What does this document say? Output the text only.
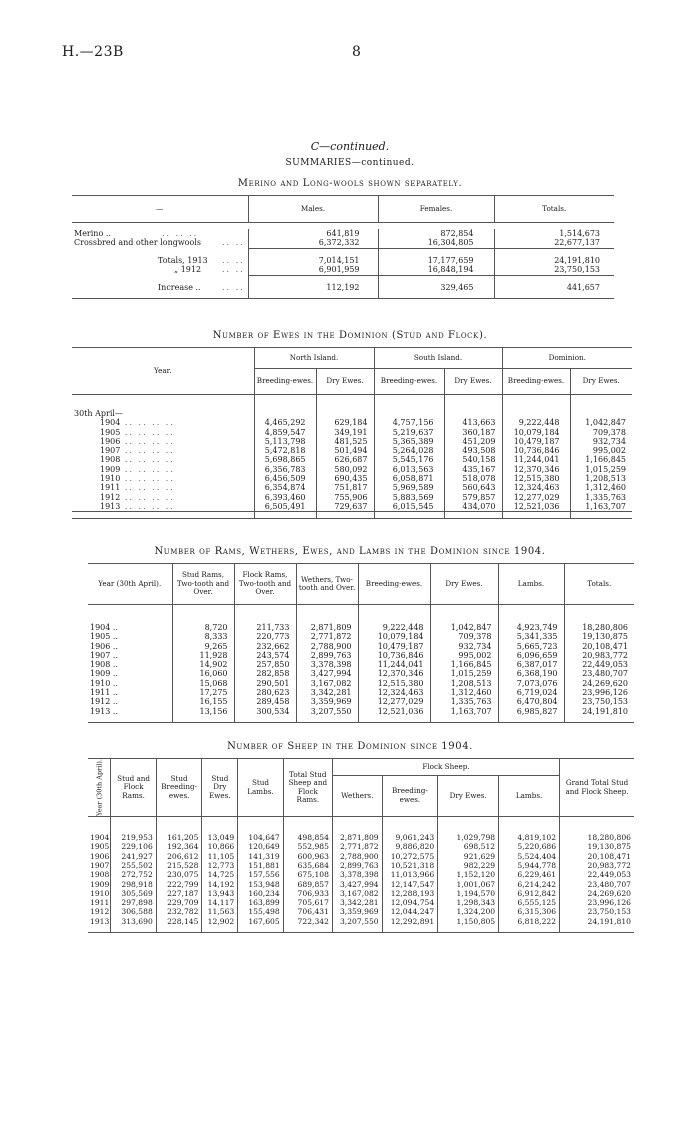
H.—23B	8
C—continued.
SUMMARIES—continued.
Merino and Long-wools shown separately.
—			Males.	Females.	Totals.

Merino ..	.. .. ..		641,819	872,854	1,514,673
Crossbred and other longwools		.. ..	6,372,332	16,304,805	22,677,137

Totals, 1913		.. ..	7,014,151	17,177,659	24,191,810
„ 1912		.. ..	6,901,959	16,848,194	23,750,153

Increase ..		.. ..	112,192	329,465	441,657
Number of Ewes in the Dominion (Stud and Flock).
Year.	North Island.		South Island.		Dominion.	
	Breeding-ewes.	Dry Ewes.	Breeding-ewes.	Dry Ewes.	Breeding-ewes.	Dry Ewes.

30th April—						
1904 .. .. .. ..	4,465,292	629,184	4,757,156	413,663	9,222,448	1,042,847
1905 .. .. .. ..	4,859,547	349,191	5,219,637	360,187	10,079,184	709,378
1906 .. .. .. ..	5,113,798	481,525	5,365,389	451,209	10,479,187	932,734
1907 .. .. .. ..	5,472,818	501,494	5,264,028	493,508	10,736,846	995,002
1908 .. .. .. ..	5,698,865	626,687	5,545,176	540,158	11,244,041	1,166,845
1909 .. .. .. ..	6,356,783	580,092	6,013,563	435,167	12,370,346	1,015,259
1910 .. .. .. ..	6,456,509	690,435	6,058,871	518,078	12,515,380	1,208,513
1911 .. .. .. ..	6,354,874	751,817	5,969,589	560,643	12,324,463	1,312,460
1912 .. .. .. ..	6,393,460	755,906	5,883,569	579,857	12,277,029	1,335,763
1913 .. .. .. ..	6,505,491	729,637	6,015,545	434,070	12,521,036	1,163,707

Number of Rams, Wethers, Ewes, and Lambs in the Dominion since 1904.
Year (30th April).	Stud Rams, Two-tooth and Over.	Flock Rams, Two-tooth and Over.	Wethers, Two-tooth and Over.	Breeding-ewes.	Dry Ewes.	Lambs.	Totals.

1904 ..	8,720	211,733	2,871,809	9,222,448	1,042,847	4,923,749	18,280,806
1905 ..	8,333	220,773	2,771,872	10,079,184	709,378	5,341,335	19,130,875
1906 ..	9,265	232,662	2,788,900	10,479,187	932,734	5,665,723	20,108,471
1907 ..	11,928	243,574	2,899,763	10,736,846	995,002	6,096,659	20,983,772
1908 ..	14,902	257,850	3,378,398	11,244,041	1,166,845	6,387,017	22,449,053
1909 ..	16,060	282,858	3,427,994	12,370,346	1,015,259	6,368,190	23,480,707
1910 ..	15,068	290,501	3,167,082	12,515,380	1,208,513	7,073,076	24,269,620
1911 ..	17,275	280,623	3,342,281	12,324,463	1,312,460	6,719,024	23,996,126
1912 ..	16,155	289,458	3,359,969	12,277,029	1,335,763	6,470,804	23,750,153
1913 ..	13,156	300,534	3,207,550	12,521,036	1,163,707	6,985,827	24,191,810

Number of Sheep in the Dominion since 1904.
Year (30th April).	Stud and Flock Rams.	Stud Breeding-ewes.	Stud Dry Ewes.	Stud Lambs.	Total Stud Sheep and Flock Rams.	Flock Sheep.				Grand Total Stud and Flock Sheep.
						Wethers.	Breeding-ewes.	Dry Ewes.	Lambs.	

1904	219,953	161,205	13,049	104,647	498,854	2,871,809	9,061,243	1,029,798	4,819,102	18,280,806
1905	229,106	192,364	10,866	120,649	552,985	2,771,872	9,886,820	698,512	5,220,686	19,130,875
1906	241,927	206,612	11,105	141,319	600,963	2,788,900	10,272,575	921,629	5,524,404	20,108,471
1907	255,502	215,528	12,773	151,881	635,684	2,899,763	10,521,318	982,229	5,944,778	20,983,772
1908	272,752	230,075	14,725	157,556	675,108	3,378,398	11,013,966	1,152,120	6,229,461	22,449,053
1909	298,918	222,799	14,192	153,948	689,857	3,427,994	12,147,547	1,001,067	6,214,242	23,480,707
1910	305,569	227,187	13,943	160,234	706,933	3,167,082	12,288,193	1,194,570	6,912,842	24,269,620
1911	297,898	229,709	14,117	163,899	705,617	3,342,281	12,094,754	1,298,343	6,555,125	23,996,126
1912	306,588	232,782	11,563	155,498	706,431	3,359,969	12,044,247	1,324,200	6,315,306	23,750,153
1913	313,690	228,145	12,902	167,605	722,342	3,207,550	12,292,891	1,150,805	6,818,222	24,191,810
